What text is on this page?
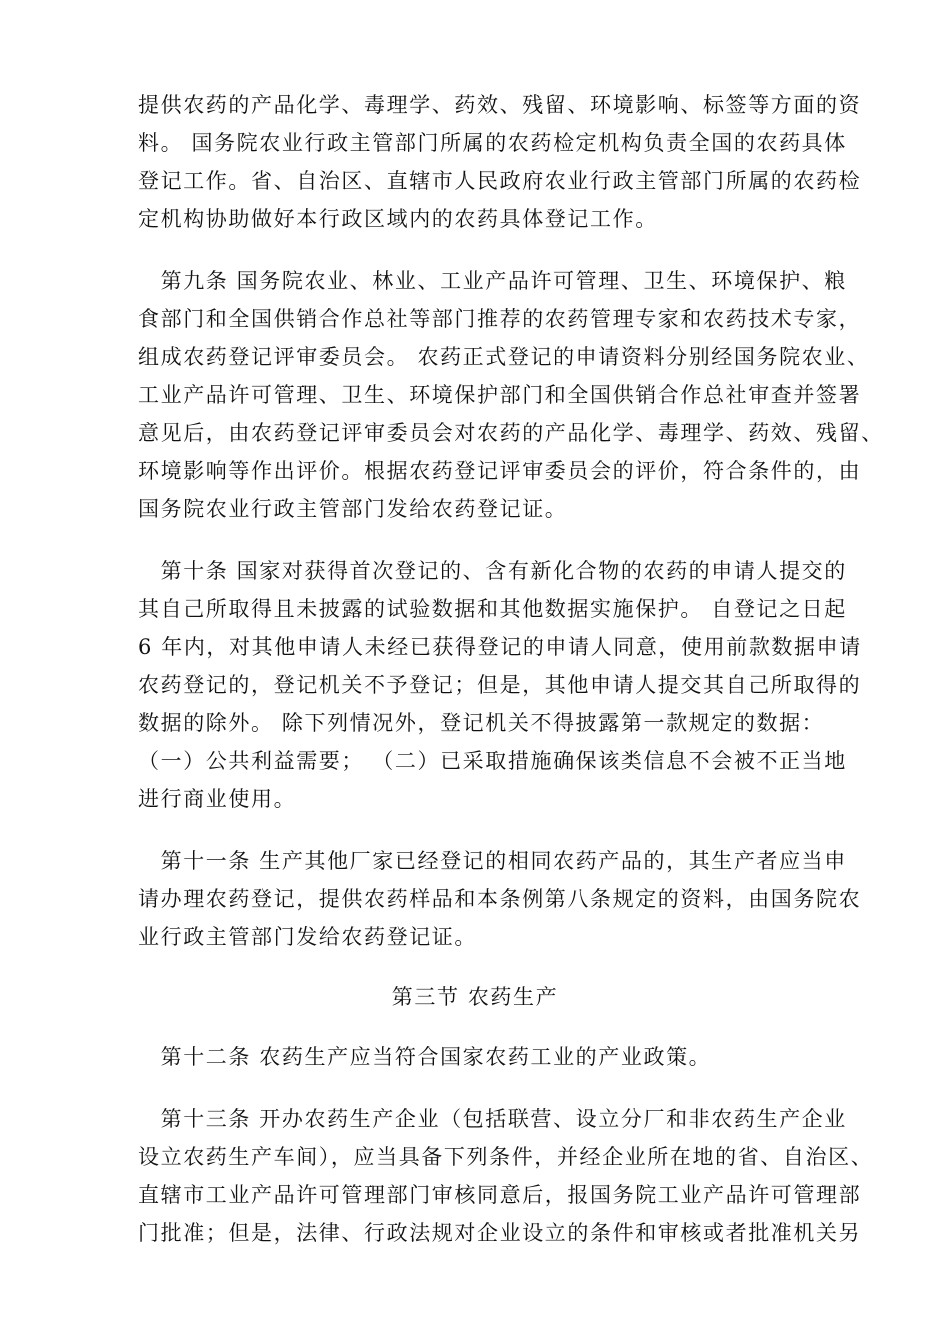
提供农药的产品化学、毒理学、药效、残留、环境影响、标签等方面的资
料。 国务院农业行政主管部门所属的农药检定机构负责全国的农药具体
登记工作。省、自治区、直辖市人民政府农业行政主管部门所属的农药检
定机构协助做好本行政区域内的农药具体登记工作。
　第九条 国务院农业、林业、工业产品许可管理、卫生、环境保护、粮
食部门和全国供销合作总社等部门推荐的农药管理专家和农药技术专家，
组成农药登记评审委员会。 农药正式登记的申请资料分别经国务院农业、
工业产品许可管理、卫生、环境保护部门和全国供销合作总社审查并签署
意见后，由农药登记评审委员会对农药的产品化学、毒理学、药效、残留、
环境影响等作出评价。根据农药登记评审委员会的评价，符合条件的，由
国务院农业行政主管部门发给农药登记证。
　第十条 国家对获得首次登记的、含有新化合物的农药的申请人提交的
其自己所取得且未披露的试验数据和其他数据实施保护。 自登记之日起
6 年内，对其他申请人未经已获得登记的申请人同意，使用前款数据申请
农药登记的，登记机关不予登记；但是，其他申请人提交其自己所取得的
数据的除外。 除下列情况外，登记机关不得披露第一款规定的数据：
（一）公共利益需要； （二）已采取措施确保该类信息不会被不正当地
进行商业使用。
　第十一条 生产其他厂家已经登记的相同农药产品的，其生产者应当申
请办理农药登记，提供农药样品和本条例第八条规定的资料，由国务院农
业行政主管部门发给农药登记证。
第三节 农药生产
　第十二条 农药生产应当符合国家农药工业的产业政策。
　第十三条 开办农药生产企业（包括联营、设立分厂和非农药生产企业
设立农药生产车间），应当具备下列条件，并经企业所在地的省、自治区、
直辖市工业产品许可管理部门审核同意后，报国务院工业产品许可管理部
门批准；但是，法律、行政法规对企业设立的条件和审核或者批准机关另
